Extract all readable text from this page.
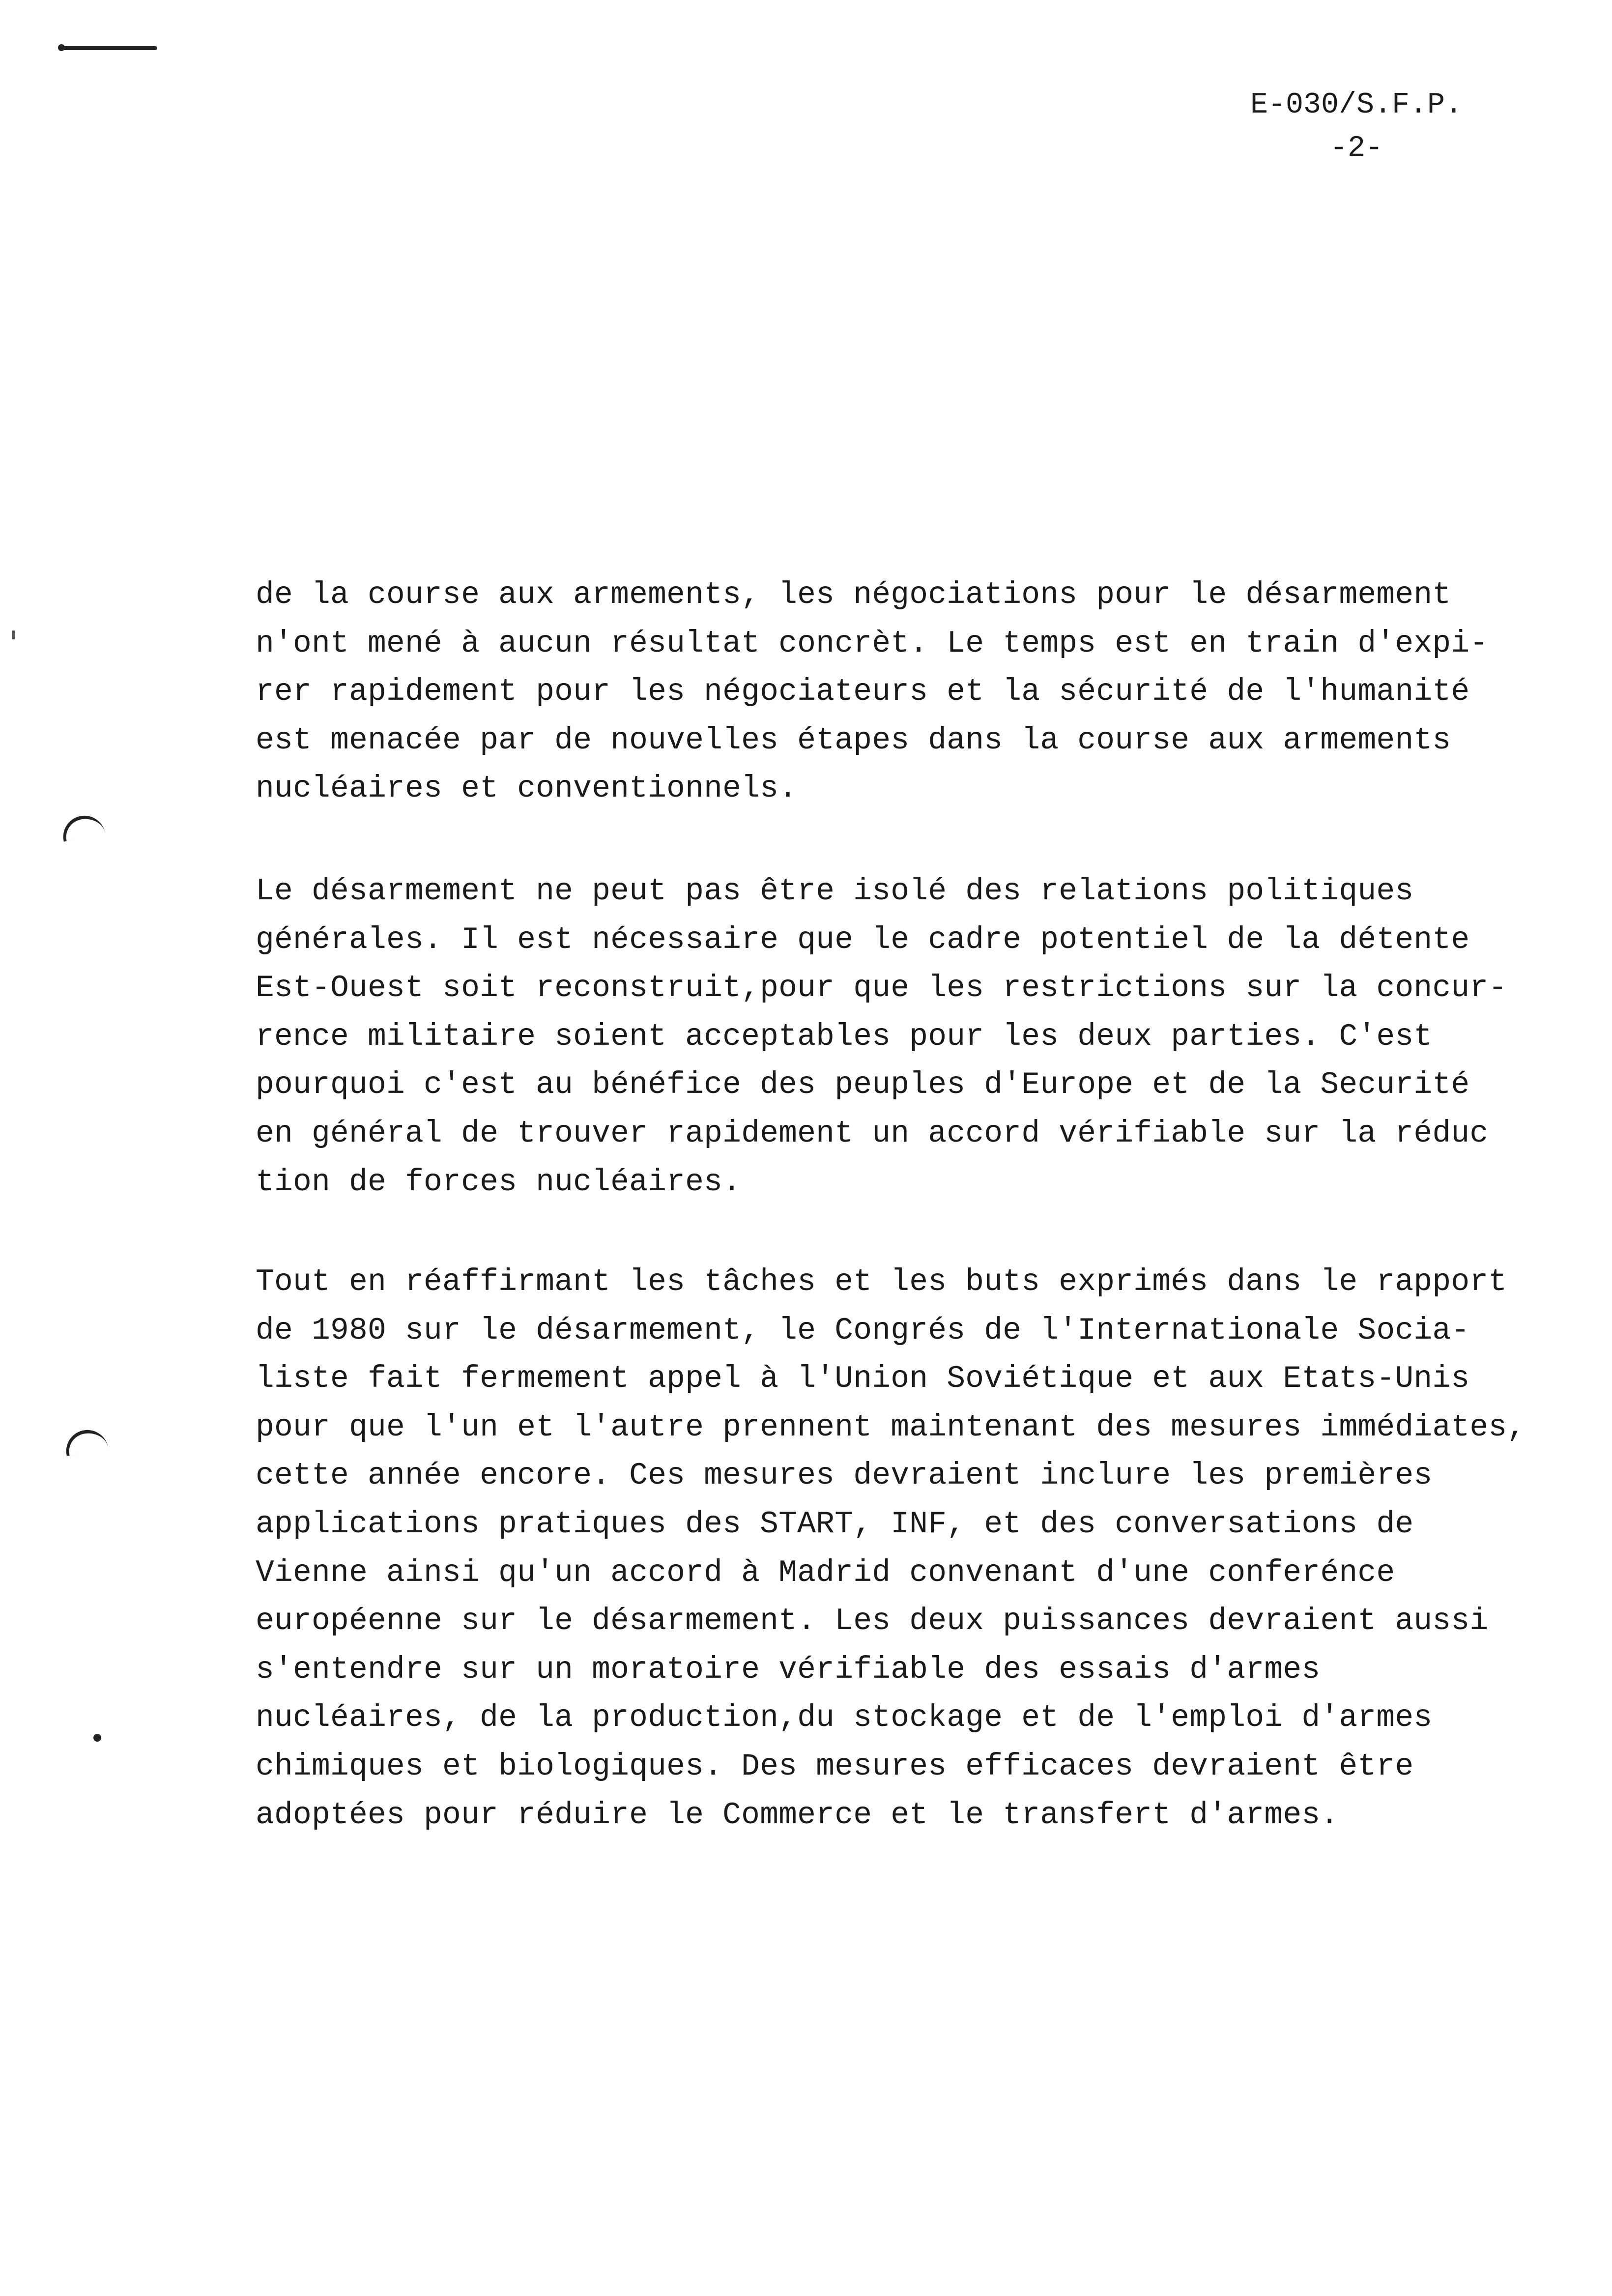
E-030/S.F.P.
-2-
de la course aux armements, les négociations pour le désarmement
n'ont mené à aucun résultat concrèt. Le temps est en train d'expi-
rer rapidement pour les négociateurs et la sécurité de l'humanité
est menacée par de nouvelles étapes dans la course aux armements
nucléaires et conventionnels.
Le désarmement ne peut pas être isolé des relations politiques
générales. Il est nécessaire que le cadre potentiel de la détente
Est-Ouest soit reconstruit,pour que les restrictions sur la concur-
rence militaire soient acceptables pour les deux parties. C'est
pourquoi c'est au bénéfice des peuples d'Europe et de la Securité
en général de trouver rapidement un accord vérifiable sur la réduc
tion de forces nucléaires.
Tout en réaffirmant les tâches et les buts exprimés dans le rapport
de 1980 sur le désarmement, le Congrés de l'Internationale Socia-
liste fait fermement appel à l'Union Soviétique et aux Etats-Unis
pour que l'un et l'autre prennent maintenant des mesures immédiates,
cette année encore. Ces mesures devraient inclure les premières
applications pratiques des START, INF, et des conversations de
Vienne ainsi qu'un accord à Madrid convenant d'une conferénce
européenne sur le désarmement. Les deux puissances devraient aussi
s'entendre sur un moratoire vérifiable des essais d'armes
nucléaires, de la production,du stockage et de l'emploi d'armes
chimiques et biologiques. Des mesures efficaces devraient être
adoptées pour réduire le Commerce et le transfert d'armes.
